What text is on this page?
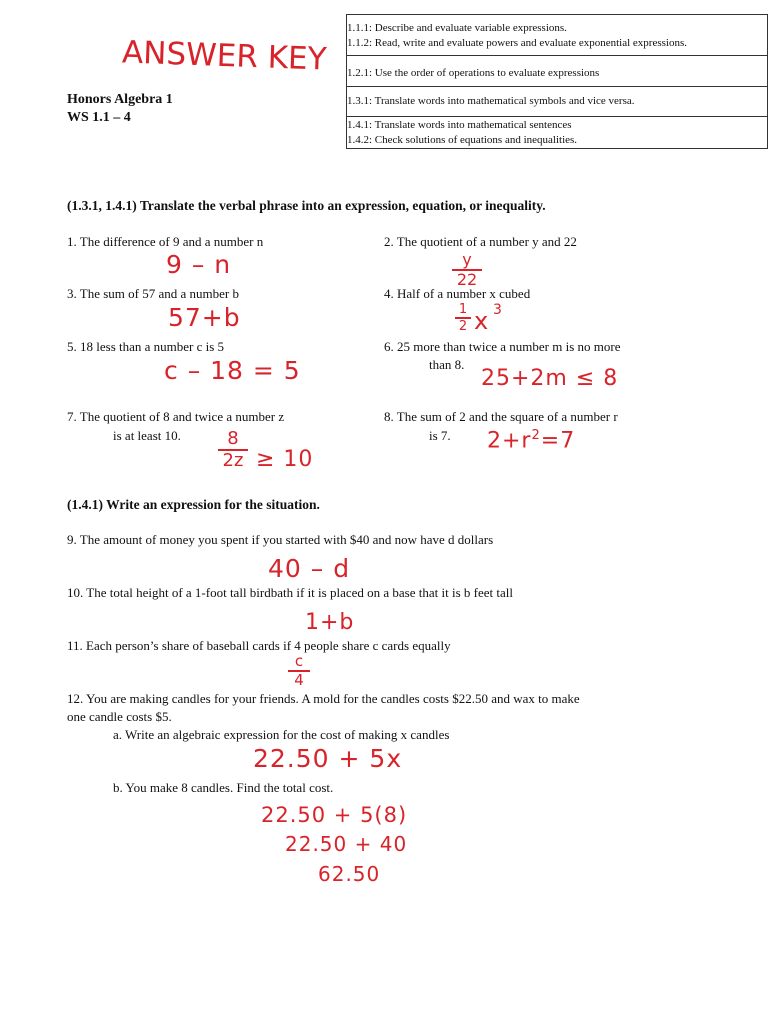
ANSWER KEY
Honors Algebra 1
WS 1.1 – 4
1.1.1: Describe and evaluate variable expressions.
1.1.2: Read, write and evaluate powers and evaluate exponential expressions.
1.2.1: Use the order of operations to evaluate expressions
1.3.1: Translate words into mathematical symbols and vice versa.
1.4.1: Translate words into mathematical sentences
1.4.2: Check solutions of equations and inequalities.
(1.3.1, 1.4.1) Translate the verbal phrase into an expression, equation, or inequality.
1. The difference of 9 and a number n
9 – n
2. The quotient of a number y and 22
y
22
3. The sum of 57 and a number b
57+b
4. Half of a number x cubed
1
2 x 3
5. 18 less than a number c is 5
c – 18 = 5
6. 25 more than twice a number m is no more
than 8.
25+2m ≤ 8
7. The quotient of 8 and twice a number z
is at least 10.	8
2z ≥ 10
8. The sum of 2 and the square of a number r
is 7. $2+r^2=7$
(1.4.1) Write an expression for the situation.
9. The amount of money you spent if you started with $40 and now have d dollars
40 – d
10. The total height of a 1-foot tall birdbath if it is placed on a base that it is b feet tall
1+b
11. Each person’s share of baseball cards if 4 people share c cards equally
c
4
12. You are making candles for your friends. A mold for the candles costs $22.50 and wax to make
one candle costs $5.
a. Write an algebraic expression for the cost of making x candles
22.50 + 5x
b. You make 8 candles. Find the total cost.
22.50 + 5(8)
22.50 + 40
62.50
